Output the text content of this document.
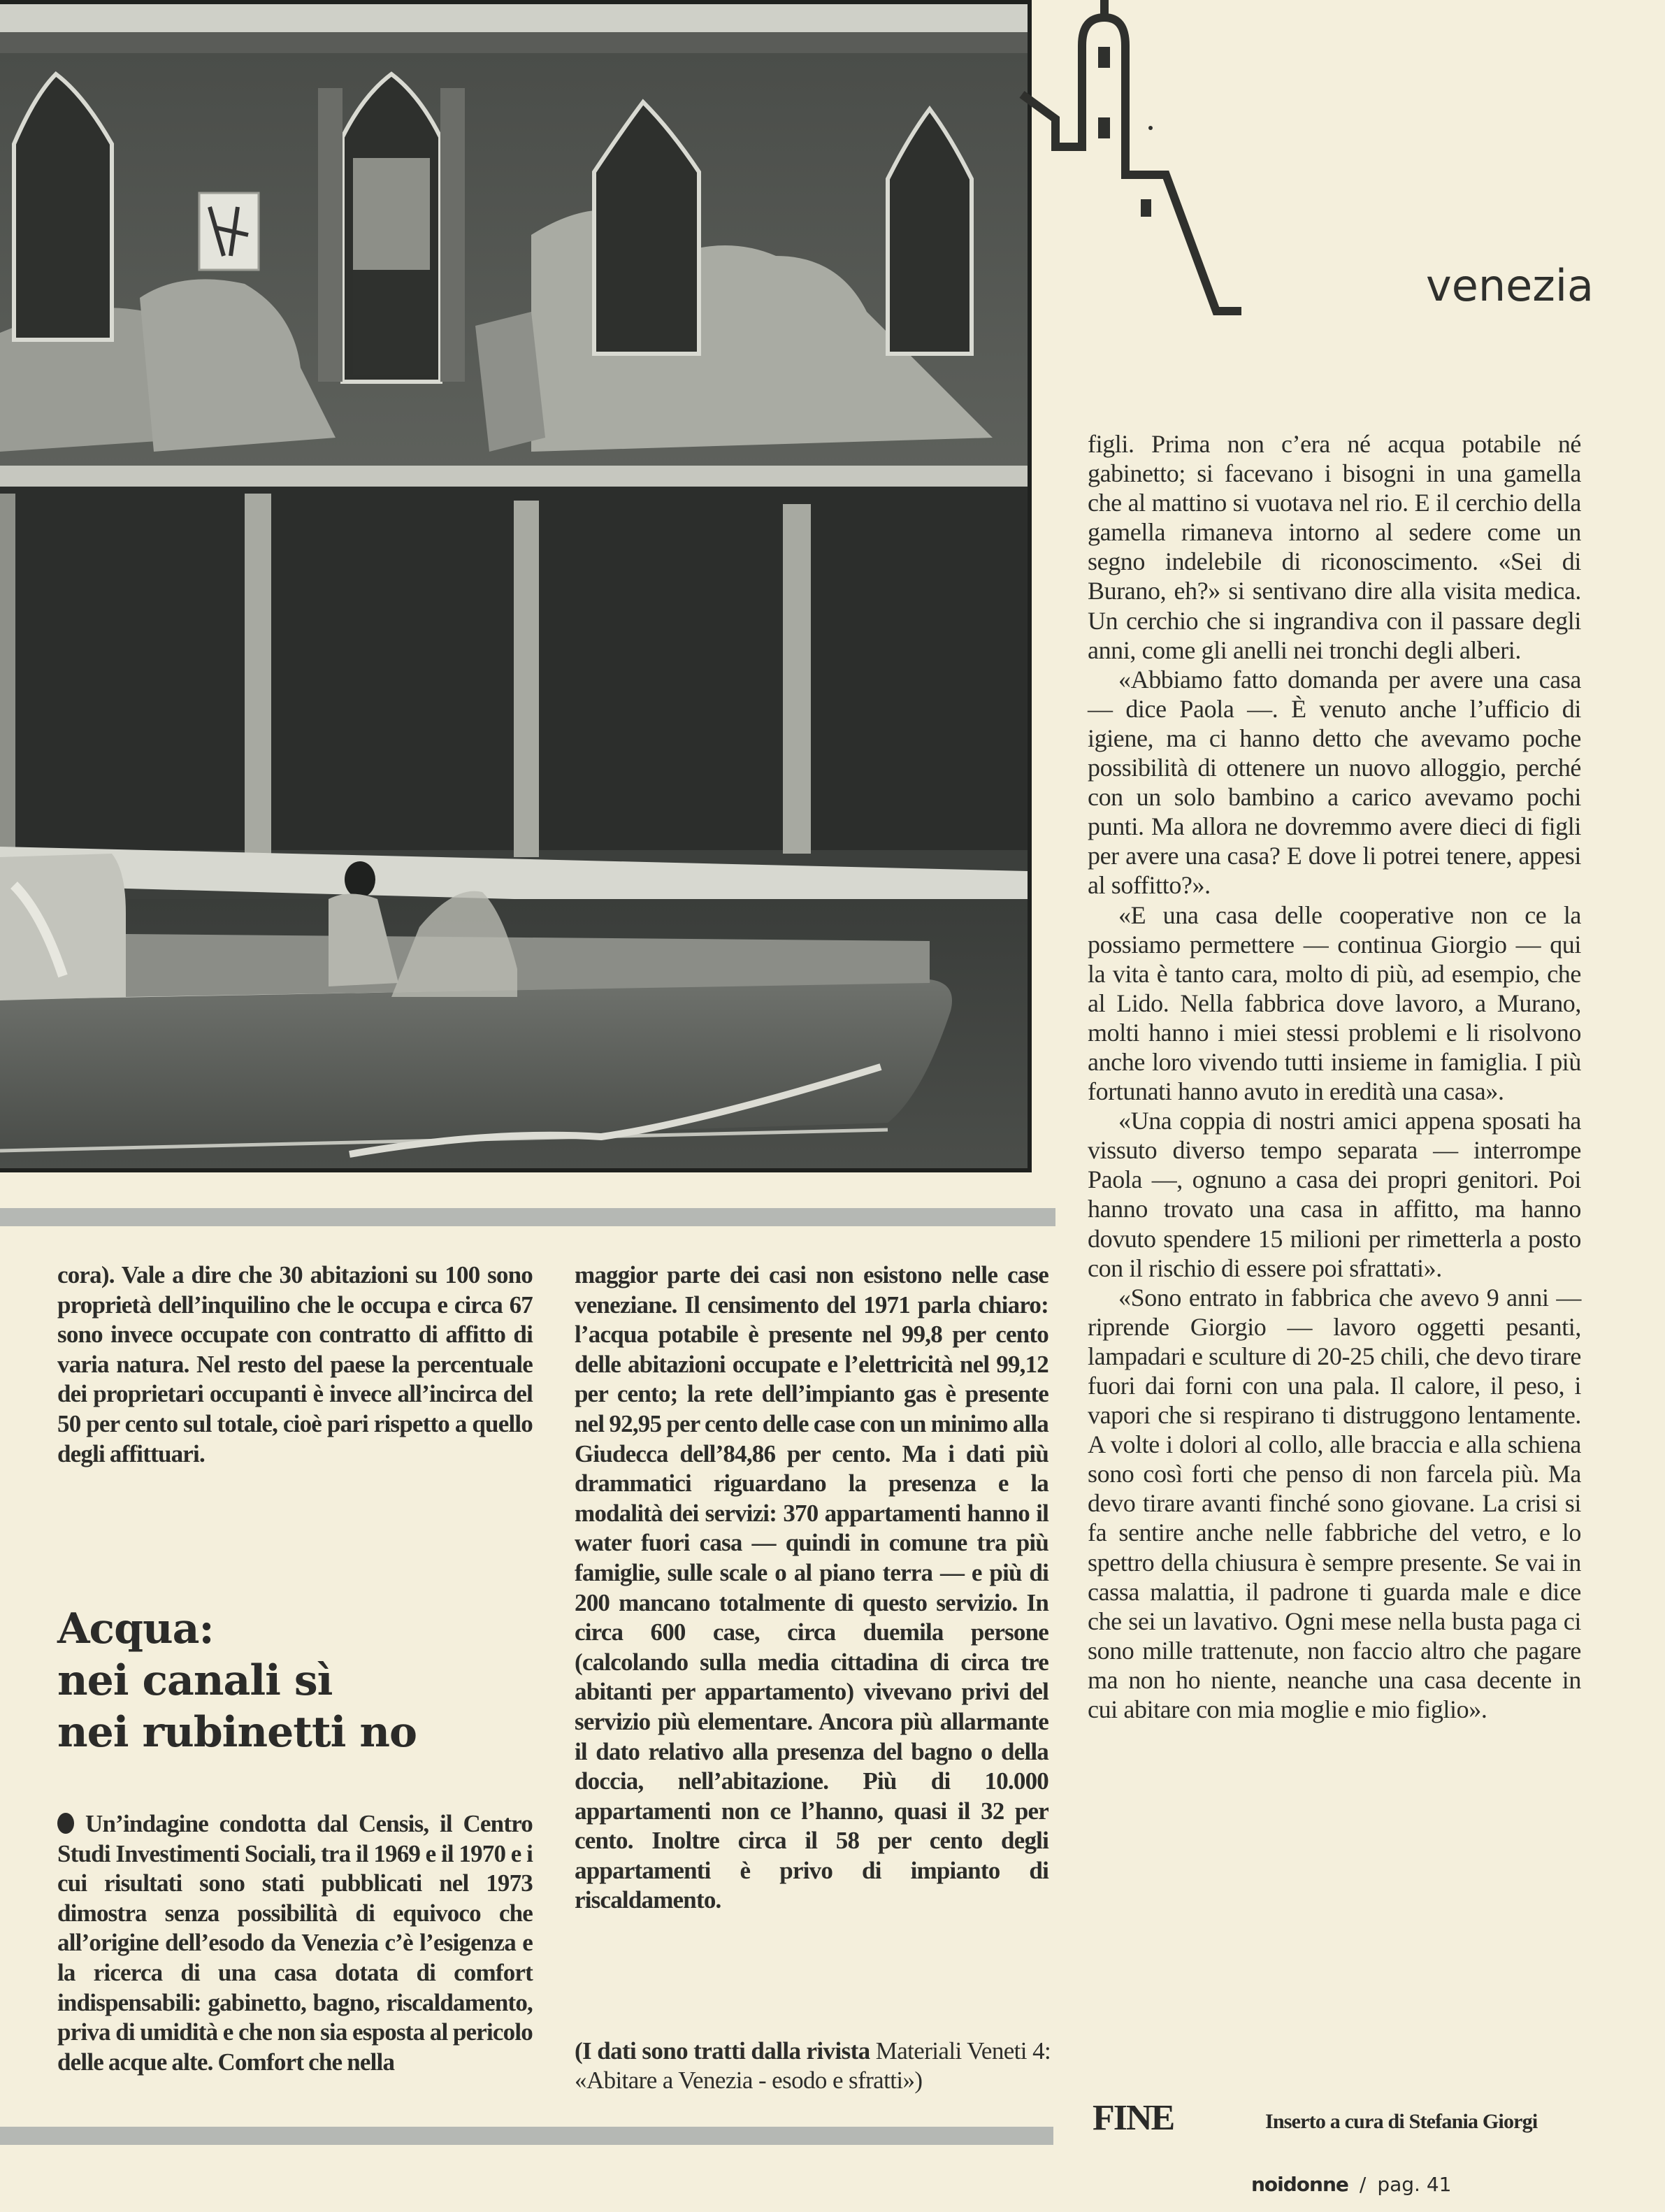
venezia

cora). Vale a dire che 30 abitazioni su 100 sono proprietà dell’inquilino che le occupa e circa 67 sono invece occupate con contratto di affitto di varia natura. Nel resto del paese la percentuale dei proprietari occupanti è invece all’incirca del 50 per cento sul totale, cioè pari rispetto a quello degli affittuari.

Acqua:
nei canali sì
nei rubinetti no

Un’indagine condotta dal Censis, il Centro Studi Investimenti Sociali, tra il 1969 e il 1970 e i cui risultati sono stati pubblicati nel 1973 dimostra senza possibilità di equivoco che all’origine dell’esodo da Venezia c’è l’esigenza e la ricerca di una casa dotata di comfort indispensabili: gabinetto, bagno, riscaldamento, priva di umidità e che non sia esposta al pericolo delle acque alte. Comfort che nella

maggior parte dei casi non esistono nelle case veneziane. Il censimento del 1971 parla chiaro: l’acqua potabile è presente nel 99,8 per cento delle abitazioni occupate e l’elettricità nel 99,12 per cento; la rete dell’impianto gas è presente nel 92,95 per cento delle case con un minimo alla Giudecca dell’84,86 per cento. Ma i dati più drammatici riguardano la presenza e la modalità dei servizi: 370 appartamenti hanno il water fuori casa — quindi in comune tra più famiglie, sulle scale o al piano terra — e più di 200 mancano totalmente di questo servizio. In circa 600 case, circa duemila persone (calcolando sulla media cittadina di circa tre abitanti per appartamento) vivevano privi del servizio più elementare. Ancora più allarmante il dato relativo alla presenza del bagno o della doccia, nell’abitazione. Più di 10.000 appartamenti non ce l’hanno, quasi il 32 per cento. Inoltre circa il 58 per cento degli appartamenti è privo di impianto di riscaldamento.

(I dati sono tratti dalla rivista Materiali Veneti 4: «Abitare a Venezia - esodo e sfratti»)

figli. Prima non c’era né acqua potabile né gabinetto; si facevano i bisogni in una gamella che al mattino si vuotava nel rio. E il cerchio della gamella rimaneva intorno al sedere come un segno indelebile di riconoscimento. «Sei di Burano, eh?» si sentivano dire alla visita medica. Un cerchio che si ingrandiva con il passare degli anni, come gli anelli nei tronchi degli alberi.

«Abbiamo fatto domanda per avere una casa — dice Paola —. È venuto anche l’ufficio di igiene, ma ci hanno detto che avevamo poche possibilità di ottenere un nuovo alloggio, perché con un solo bambino a carico avevamo pochi punti. Ma allora ne dovremmo avere dieci di figli per avere una casa? E dove li potrei tenere, appesi al soffitto?».

«E una casa delle cooperative non ce la possiamo permettere — continua Giorgio — qui la vita è tanto cara, molto di più, ad esempio, che al Lido. Nella fabbrica dove lavoro, a Murano, molti hanno i miei stessi problemi e li risolvono anche loro vivendo tutti insieme in famiglia. I più fortunati hanno avuto in eredità una casa».

«Una coppia di nostri amici appena sposati ha vissuto diverso tempo separata — interrompe Paola —, ognuno a casa dei propri genitori. Poi hanno trovato una casa in affitto, ma hanno dovuto spendere 15 milioni per rimetterla a posto con il rischio di essere poi sfrattati».

«Sono entrato in fabbrica che avevo 9 anni — riprende Giorgio — lavoro oggetti pesanti, lampadari e sculture di 20-25 chili, che devo tirare fuori dai forni con una pala. Il calore, il peso, i vapori che si respirano ti distruggono lentamente. A volte i dolori al collo, alle braccia e alla schiena sono così forti che penso di non farcela più. Ma devo tirare avanti finché sono giovane. La crisi si fa sentire anche nelle fabbriche del vetro, e lo spettro della chiusura è sempre presente. Se vai in cassa malattia, il padrone ti guarda male e dice che sei un lavativo. Ogni mese nella busta paga ci sono mille trattenute, non faccio altro che pagare ma non ho niente, neanche una casa decente in cui abitare con mia moglie e mio figlio».

FINE	Inserto a cura di Stefania Giorgi
noidonne / pag. 41
